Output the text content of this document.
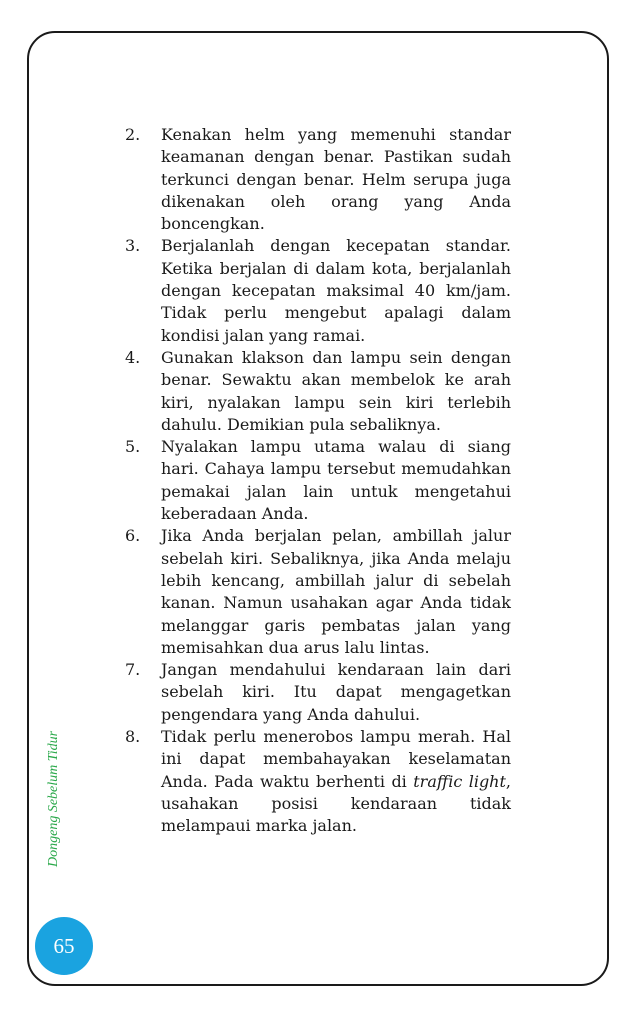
Dongeng Sebelum Tidur
65
2.	Kenakan helm yang memenuhi standar keamanan dengan benar. Pastikan sudah terkunci dengan benar. Helm serupa juga dikenakan oleh orang yang Anda boncengkan.
3.	Berjalanlah dengan kecepatan standar. Ketika berjalan di dalam kota, berjalanlah dengan kecepatan maksimal 40 km/jam. Tidak perlu mengebut apalagi dalam kondisi jalan yang ramai.
4.	Gunakan klakson dan lampu sein dengan benar. Sewaktu akan membelok ke arah kiri, nyalakan lampu sein kiri terlebih dahulu. Demikian pula sebaliknya.
5.	Nyalakan lampu utama walau di siang hari. Cahaya lampu tersebut memudahkan pemakai jalan lain untuk mengetahui keberadaan Anda.
6.	Jika Anda berjalan pelan, ambillah jalur sebelah kiri. Sebaliknya, jika Anda melaju lebih kencang, ambillah jalur di sebelah kanan. Namun usahakan agar Anda tidak melanggar garis pembatas jalan yang memisahkan dua arus lalu lintas.
7.	Jangan mendahului kendaraan lain dari sebelah kiri. Itu dapat mengagetkan pengendara yang Anda dahului.
8.	Tidak perlu menerobos lampu merah. Hal ini dapat membahayakan keselamatan Anda. Pada waktu berhenti di traffic light, usahakan posisi kendaraan tidak melampaui marka jalan.
